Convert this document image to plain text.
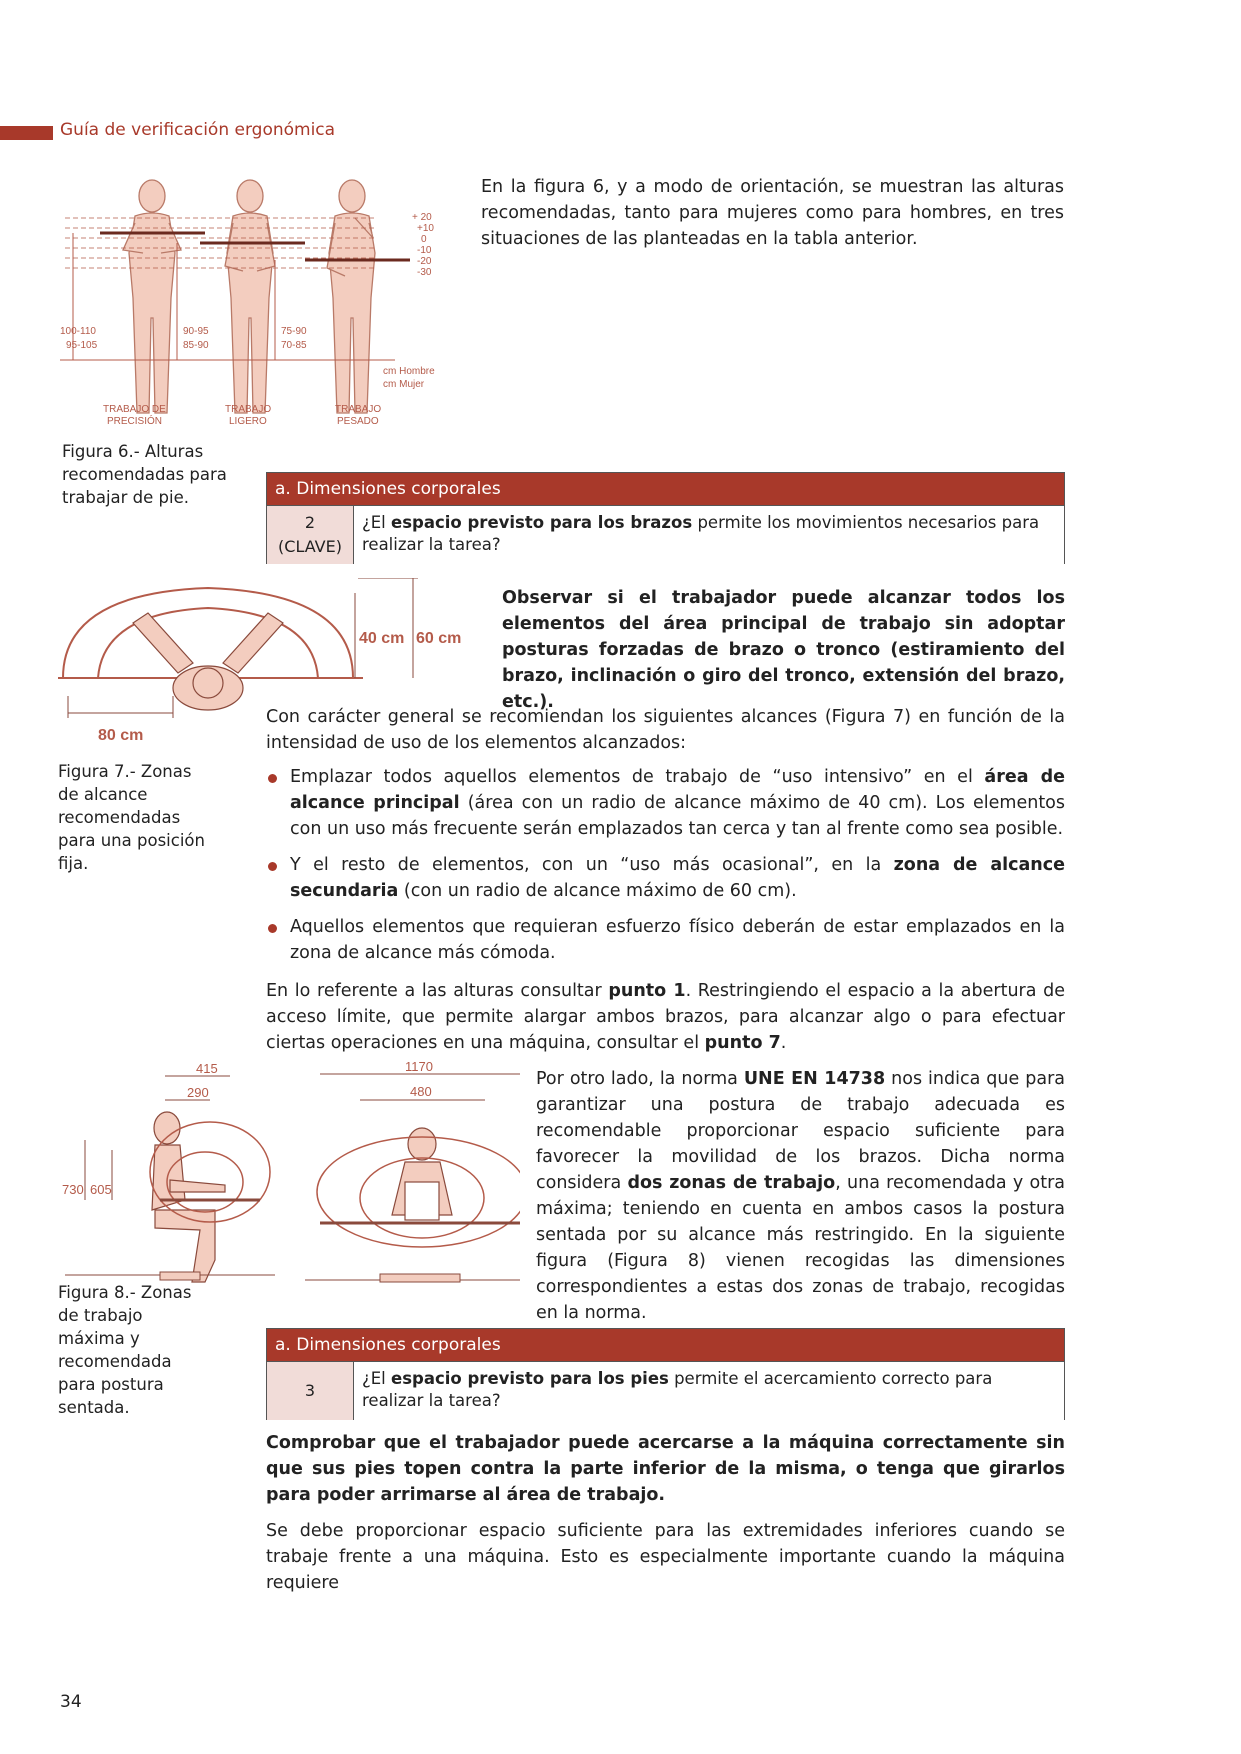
Guía de verificación ergonómica
En la figura 6, y a modo de orientación, se muestran las alturas recomendadas, tanto para mujeres como para hombres, en tres situaciones de las planteadas en la tabla anterior.
+ 20
+10
0
-10
-20
-30
100-110
95-105
90-95
85-90
75-90
70-85
cm Hombre
cm Mujer
TRABAJO DE
PRECISIÓN
TRABAJO
LIGERO
TRABAJO
PESADO
Figura 6.- Alturas recomendadas para trabajar de pie.	a. Dimensiones corporales
2
(CLAVE)
¿El espacio previsto para los brazos permite los movimientos necesarios para realizar la tarea?
40 cm 60 cm
80 cm
Figura 7.- Zonas de alcance recomendadas para una posición fija.
Observar si el trabajador puede alcanzar todos los elementos del área principal de trabajo sin adoptar posturas forzadas de brazo o tronco (estiramiento del brazo, inclinación o giro del tronco, extensión del brazo, etc.).
Con carácter general se recomiendan los siguientes alcances (Figura 7) en función de la intensidad de uso de los elementos alcanzados:
Emplazar todos aquellos elementos de trabajo de “uso intensivo” en el área de alcance principal (área con un radio de alcance máximo de 40 cm). Los elementos con un uso más frecuente serán emplazados tan cerca y tan al frente como sea posible.
Y el resto de elementos, con un “uso más ocasional”, en la zona de alcance secundaria (con un radio de alcance máximo de 60 cm).
Aquellos elementos que requieran esfuerzo físico deberán de estar emplazados en la zona de alcance más cómoda.
En lo referente a las alturas consultar punto 1. Restringiendo el espacio a la abertura de acceso límite, que permite alargar ambos brazos, para alcanzar algo o para efectuar ciertas operaciones en una máquina, consultar el punto 7.
415
290
730 605
1170
480
Figura 8.- Zonas de trabajo máxima y recomendada para postura sentada.
Por otro lado, la norma UNE EN 14738 nos indica que para garantizar una postura de trabajo adecuada es recomendable proporcionar espacio suficiente para favorecer la movilidad de los brazos. Dicha norma considera dos zonas de trabajo, una recomendada y otra máxima; teniendo en cuenta en ambos casos la postura sentada por su alcance más restringido. En la siguiente figura (Figura 8) vienen recogidas las dimensiones correspondientes a estas dos zonas de trabajo, recogidas en la norma.
a. Dimensiones corporales
3
¿El espacio previsto para los pies permite el acercamiento correcto para realizar la tarea?
Comprobar que el trabajador puede acercarse a la máquina correctamente sin que sus pies topen contra la parte inferior de la misma, o tenga que girarlos para poder arrimarse al área de trabajo.
Se debe proporcionar espacio suficiente para las extremidades inferiores cuando se trabaje frente a una máquina. Esto es especialmente importante cuando la máquina requiere
34
